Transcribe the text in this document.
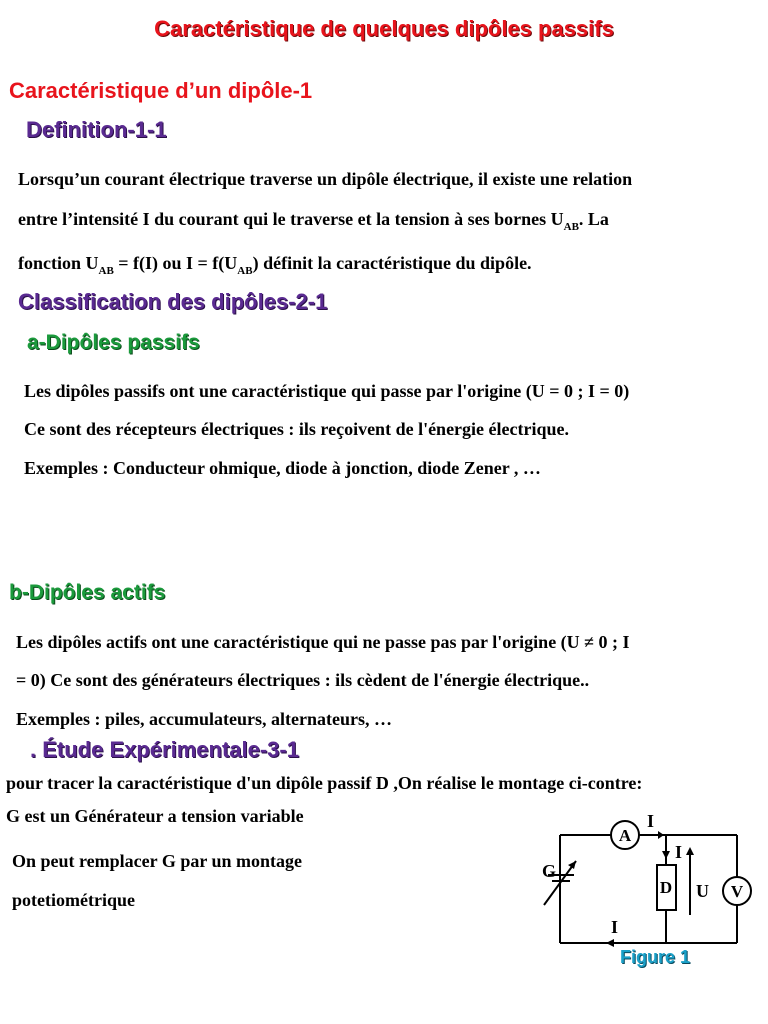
Caractéristique de quelques dipôles passifs
Caractéristique d’un dipôle-1
Definition-1-1
Lorsqu’un courant électrique traverse un dipôle électrique, il existe une relation
entre l’intensité I du courant qui le traverse et la tension à ses bornes $U_{AB}$. La
fonction $U_{AB} = f(I)$ ou $I = f(U_{AB})$ définit la caractéristique du dipôle.
Classification des dipôles-2-1
a-Dipôles passifs
Les dipôles passifs ont une caractéristique qui passe par l'origine (U = 0 ; I = 0)
Ce sont des récepteurs électriques : ils reçoivent de l'énergie électrique.
Exemples : Conducteur ohmique, diode à jonction, diode Zener , …
b-Dipôles actifs
Les dipôles actifs ont une caractéristique qui ne passe pas par l'origine (U ≠ 0 ; I
= 0) Ce sont des générateurs électriques : ils cèdent de l'énergie électrique..
Exemples : piles, accumulateurs, alternateurs, …
. Étude Expérimentale-3-1
pour tracer la caractéristique d'un dipôle passif D ,On réalise le montage ci-contre:
G est un Générateur a tension variable
On peut remplacer G par un montage
potetiométrique
G
A
I
I
D U V
I
Figure 1
